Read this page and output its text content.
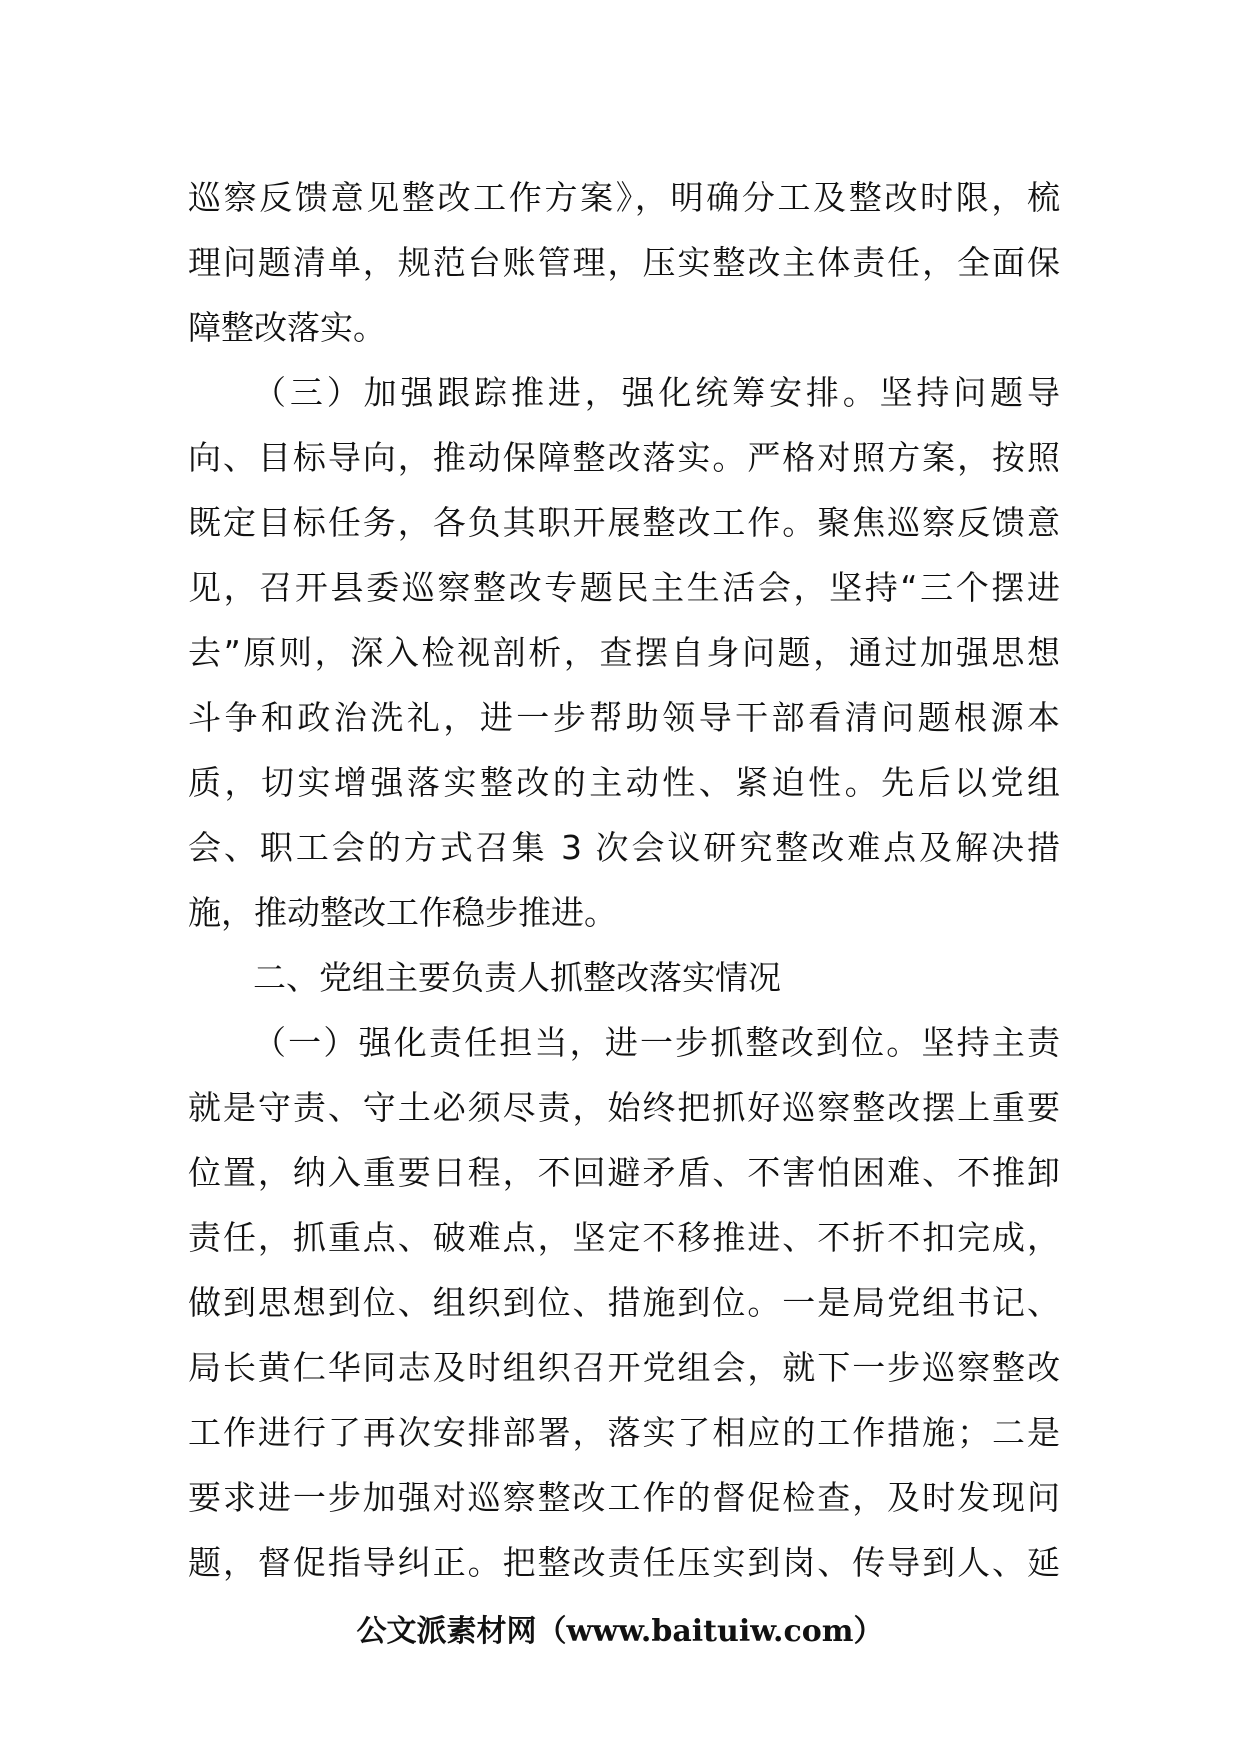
巡察反馈意见整改工作方案》，明确分工及整改时限，梳
理问题清单，规范台账管理，压实整改主体责任，全面保
障整改落实。
（三）加强跟踪推进，强化统筹安排。坚持问题导
向、目标导向，推动保障整改落实。严格对照方案，按照
既定目标任务，各负其职开展整改工作。聚焦巡察反馈意
见，召开县委巡察整改专题民主生活会，坚持“三个摆进
去”原则，深入检视剖析，查摆自身问题，通过加强思想
斗争和政治洗礼，进一步帮助领导干部看清问题根源本
质，切实增强落实整改的主动性、紧迫性。先后以党组
会、职工会的方式召集 3 次会议研究整改难点及解决措
施，推动整改工作稳步推进。
二、党组主要负责人抓整改落实情况
（一）强化责任担当，进一步抓整改到位。坚持主责
就是守责、守土必须尽责，始终把抓好巡察整改摆上重要
位置，纳入重要日程，不回避矛盾、不害怕困难、不推卸
责任，抓重点、破难点，坚定不移推进、不折不扣完成，
做到思想到位、组织到位、措施到位。一是局党组书记、
局长黄仁华同志及时组织召开党组会，就下一步巡察整改
工作进行了再次安排部署，落实了相应的工作措施；二是
要求进一步加强对巡察整改工作的督促检查，及时发现问
题，督促指导纠正。把整改责任压实到岗、传导到人、延
公文派素材网（www.baituiw.com）
